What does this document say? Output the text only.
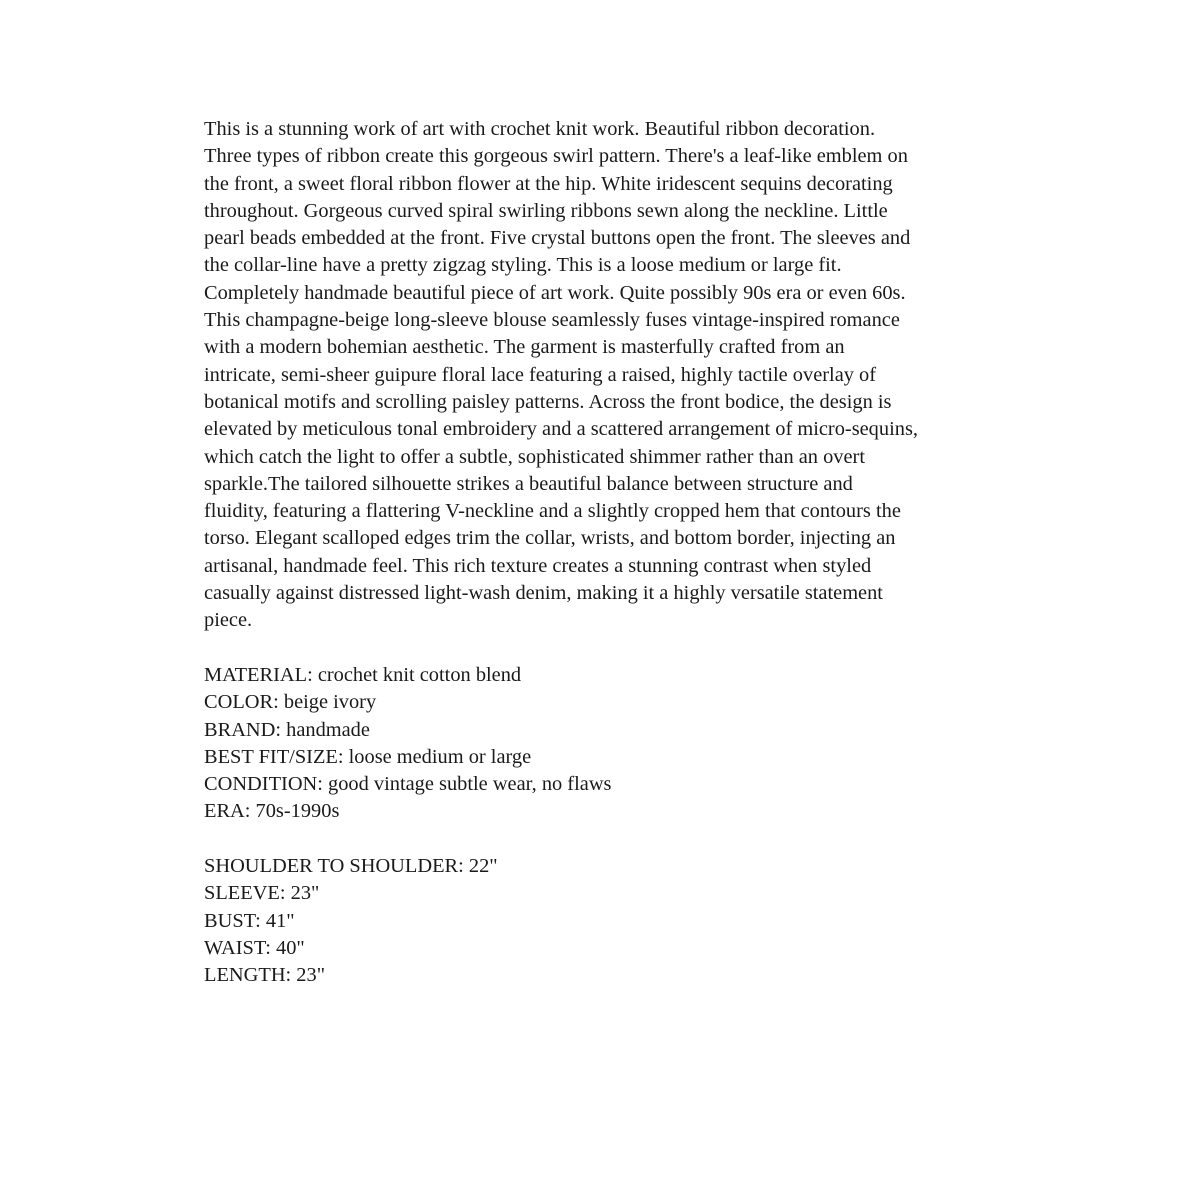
This is a stunning work of art with crochet knit work. Beautiful ribbon decoration.
Three types of ribbon create this gorgeous swirl pattern. There's a leaf-like emblem on
the front, a sweet floral ribbon flower at the hip. White iridescent sequins decorating
throughout. Gorgeous curved spiral swirling ribbons sewn along the neckline. Little
pearl beads embedded at the front. Five crystal buttons open the front. The sleeves and
the collar-line have a pretty zigzag styling. This is a loose medium or large fit.
Completely handmade beautiful piece of art work. Quite possibly 90s era or even 60s.
This champagne-beige long-sleeve blouse seamlessly fuses vintage-inspired romance
with a modern bohemian aesthetic. The garment is masterfully crafted from an
intricate, semi-sheer guipure floral lace featuring a raised, highly tactile overlay of
botanical motifs and scrolling paisley patterns. Across the front bodice, the design is
elevated by meticulous tonal embroidery and a scattered arrangement of micro-sequins,
which catch the light to offer a subtle, sophisticated shimmer rather than an overt
sparkle.The tailored silhouette strikes a beautiful balance between structure and
fluidity, featuring a flattering V-neckline and a slightly cropped hem that contours the
torso. Elegant scalloped edges trim the collar, wrists, and bottom border, injecting an
artisanal, handmade feel. This rich texture creates a stunning contrast when styled
casually against distressed light-wash denim, making it a highly versatile statement
piece.

MATERIAL: crochet knit cotton blend
COLOR: beige ivory
BRAND: handmade
BEST FIT/SIZE: loose medium or large
CONDITION: good vintage subtle wear, no flaws
ERA: 70s-1990s
SHOULDER TO SHOULDER: 22"
SLEEVE: 23"
BUST: 41"
WAIST: 40"
LENGTH: 23"
